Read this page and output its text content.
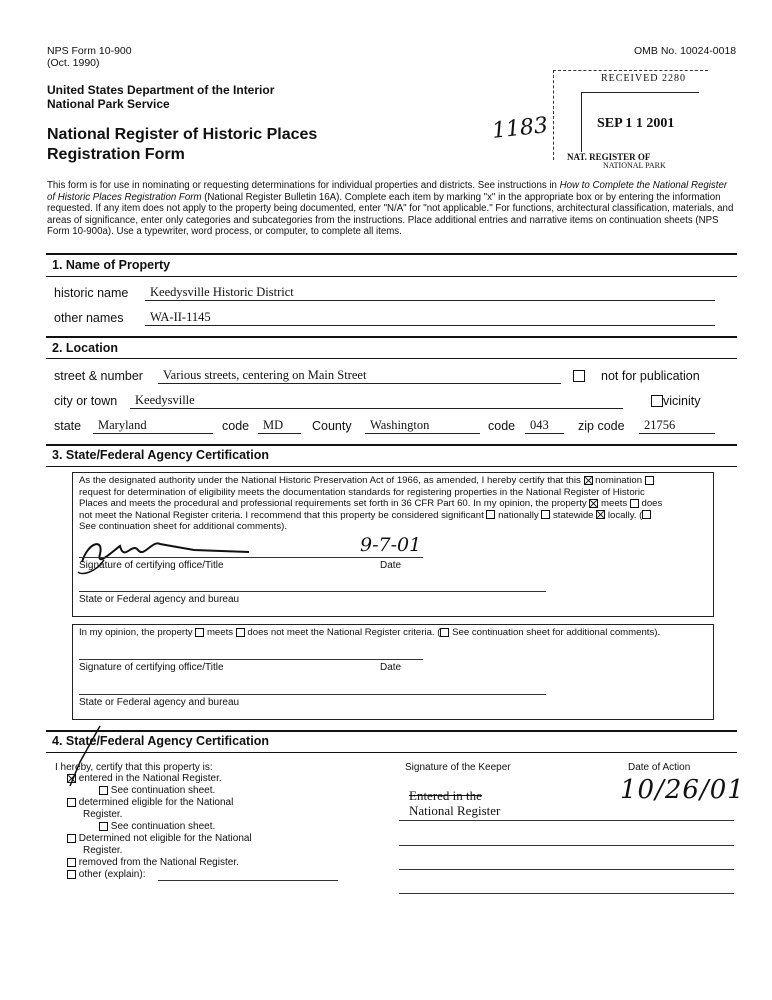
NPS Form 10-900
(Oct. 1990)
OMB No. 10024-0018
United States Department of the Interior
National Park Service
National Register of Historic Places
Registration Form
1183
RECEIVED 2280
SEP 1 1 2001
NAT. REGISTER OF
NATIONAL PARK
This form is for use in nominating or requesting determinations for individual properties and districts. See instructions in How to Complete the National Register of Historic Places Registration Form (National Register Bulletin 16A). Complete each item by marking "x" in the appropriate box or by entering the information requested. If any item does not apply to the property being documented, enter "N/A" for "not applicable." For functions, architectural classification, materials, and areas of significance, enter only categories and subcategories from the instructions. Place additional entries and narrative items on continuation sheets (NPS Form 10-900a). Use a typewriter, word process, or computer, to complete all items.
1. Name of Property
historic name	Keedysville Historic District
other names	WA-II-1145
2. Location
street & number	Various streets, centering on Main Street
	not for publication
city or town	Keedysville	vicinity
state	Maryland	code	MD	County	Washington	code	043	zip code	21756
3. State/Federal Agency Certification
As the designated authority under the National Historic Preservation Act of 1966, as amended, I hereby certify that this nomination
request for determination of eligibility meets the documentation standards for registering properties in the National Register of Historic
Places and meets the procedural and professional requirements set forth in 36 CFR Part 60. In my opinion, the property meets does
not meet the National Register criteria. I recommend that this property be considered significant nationally statewide locally. (
See continuation sheet for additional comments).
9-7-01
Signature of certifying office/Title	Date
State or Federal agency and bureau
In my opinion, the property meets does not meet the National Register criteria. ( See continuation sheet for additional comments).
Signature of certifying office/Title	Date
State or Federal agency and bureau
4. State/Federal Agency Certification
I hereby, certify that this property is:
entered in the National Register.
See continuation sheet.
determined eligible for the National
Register.
See continuation sheet.
Determined not eligible for the National
Register.
removed from the National Register.
other (explain):
Signature of the Keeper	Date of Action
10/26/01
Entered in the
National Register
